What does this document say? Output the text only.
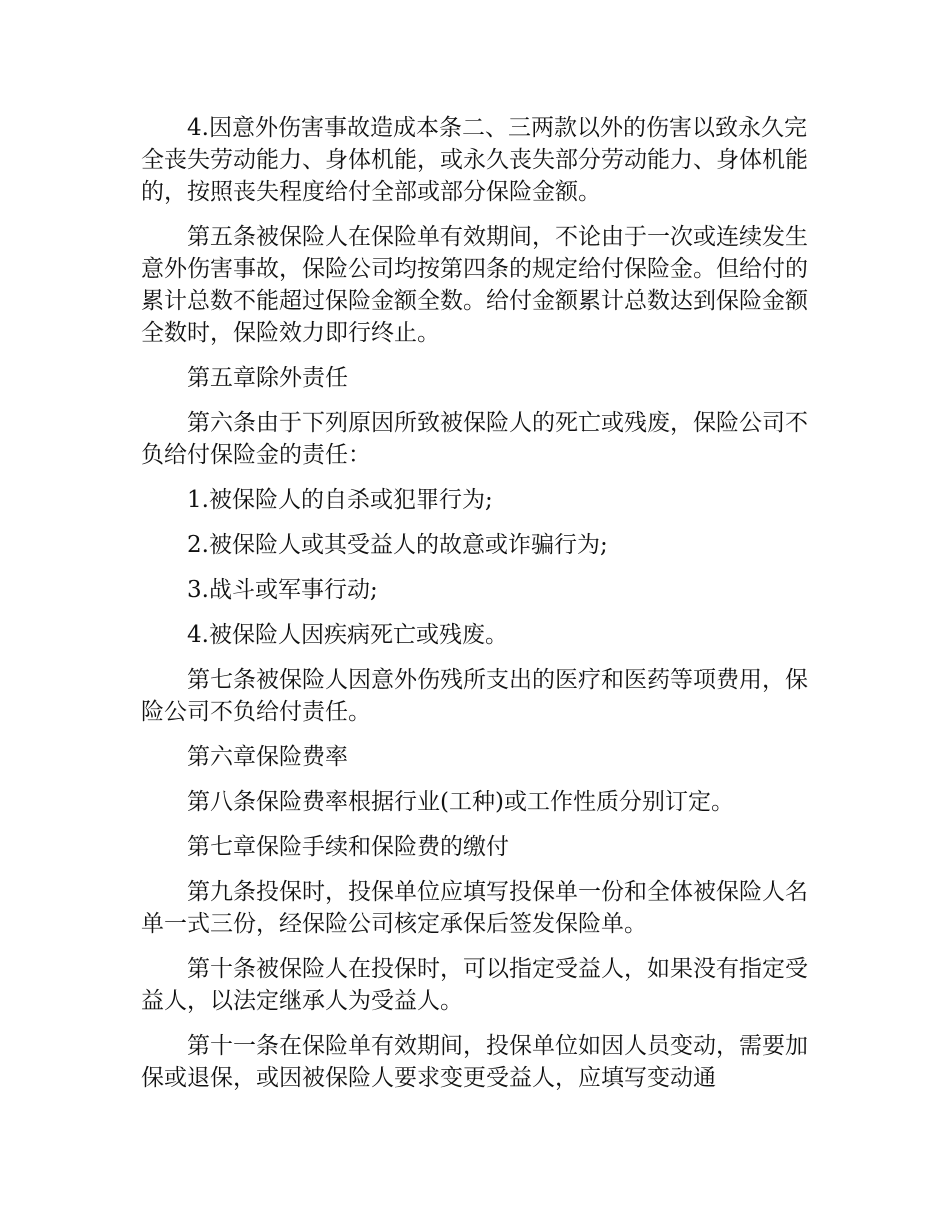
4.因意外伤害事故造成本条二、三两款以外的伤害以致永久完全丧失劳动能力、身体机能，或永久丧失部分劳动能力、身体机能的，按照丧失程度给付全部或部分保险金额。

第五条被保险人在保险单有效期间，不论由于一次或连续发生意外伤害事故，保险公司均按第四条的规定给付保险金。但给付的累计总数不能超过保险金额全数。给付金额累计总数达到保险金额全数时，保险效力即行终止。

第五章除外责任

第六条由于下列原因所致被保险人的死亡或残废，保险公司不负给付保险金的责任：

1.被保险人的自杀或犯罪行为;

2.被保险人或其受益人的故意或诈骗行为;

3.战斗或军事行动;

4.被保险人因疾病死亡或残废。

第七条被保险人因意外伤残所支出的医疗和医药等项费用，保险公司不负给付责任。

第六章保险费率

第八条保险费率根据行业(工种)或工作性质分别订定。

第七章保险手续和保险费的缴付

第九条投保时，投保单位应填写投保单一份和全体被保险人名单一式三份，经保险公司核定承保后签发保险单。

第十条被保险人在投保时，可以指定受益人，如果没有指定受益人，以法定继承人为受益人。

第十一条在保险单有效期间，投保单位如因人员变动，需要加保或退保，或因被保险人要求变更受益人，应填写变动通
